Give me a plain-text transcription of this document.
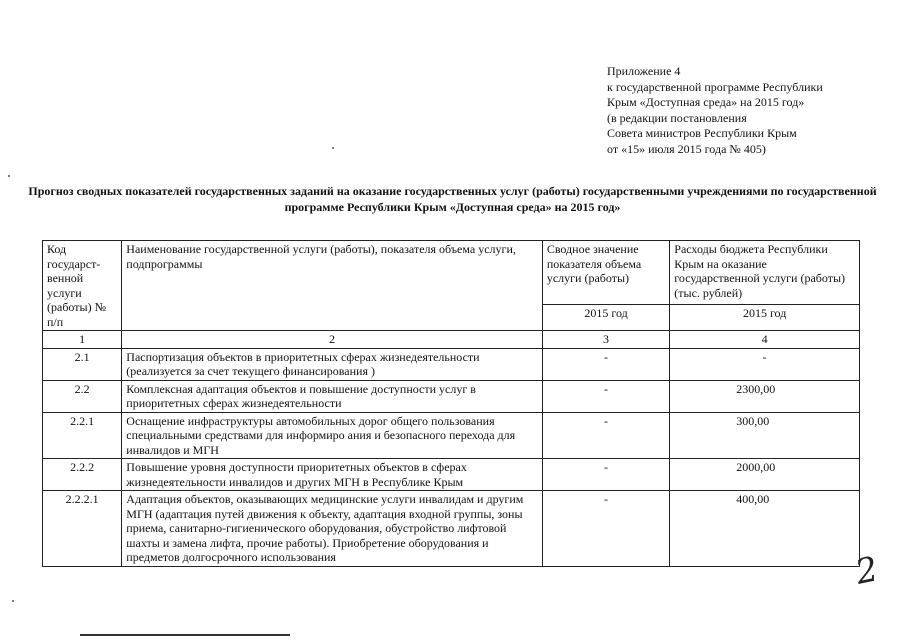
Приложение 4
к государственной программе Республики
Крым «Доступная среда» на 2015 год»
(в редакции постановления
Совета министров Республики Крым
от «15» июля 2015 года № 405)
Прогноз сводных показателей государственных заданий на оказание государственных услуг (работы) государственными учреждениями по государственной программе Республики Крым «Доступная среда» на 2015 год»
Код государст-венной услуги (работы) № п/п	Наименование государственной услуги (работы), показателя объема услуги, подпрограммы	Сводное значение показателя объема услуги (работы)	Расходы бюджета Республики Крым на оказание государственной услуги (работы) (тыс. рублей)
		2015 год	2015 год
1	2	3	4
2.1	Паспортизация объектов в приоритетных сферах жизнедеятельности (реализуется за счет текущего финансирования )	-	-
2.2	Комплексная адаптация объектов и повышение доступности услуг в приоритетных сферах жизнедеятельности	-	2300,00
2.2.1	Оснащение инфраструктуры автомобильных дорог общего пользования специальными средствами для информиро ания и безопасного перехода для инвалидов и МГН	-	300,00
2.2.2	Повышение уровня доступности приоритетных объектов в сферах жизнедеятельности инвалидов и других МГН в Республике Крым	-	2000,00
2.2.2.1	Адаптация объектов, оказывающих медицинские услуги инвалидам и другим МГН (адаптация путей движения к объекту, адаптация входной группы, зоны приема, санитарно-гигиенического оборудования, обустройство лифтовой шахты и замена лифта, прочие работы). Приобретение оборудования и предметов долгосрочного использования	-	400,00
2
